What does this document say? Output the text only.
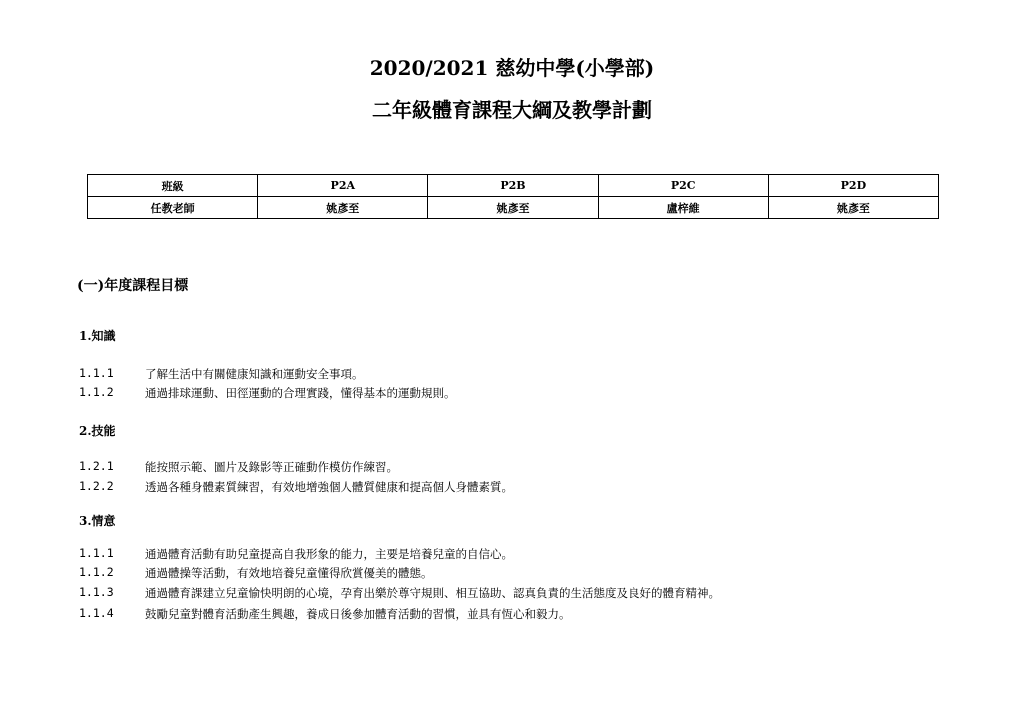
2020/2021 慈幼中學(小學部)
二年級體育課程大綱及教學計劃
班級	P2A	P2B	P2C	P2D
任教老師	姚彥至	姚彥至	盧梓維	姚彥至
(一)年度課程目標
1.知識
1.1.1	了解生活中有關健康知識和運動安全事項。
1.1.2	通過排球運動、田徑運動的合理實踐，懂得基本的運動規則。
2.技能
1.2.1	能按照示範、圖片及錄影等正確動作模仿作練習。
1.2.2	透過各種身體素質練習，有效地增強個人體質健康和提高個人身體素質。
3.情意
1.1.1	通過體育活動有助兒童提高自我形象的能力，主要是培養兒童的自信心。
1.1.2	通過體操等活動，有效地培養兒童懂得欣賞優美的體態。
1.1.3	通過體育課建立兒童愉快明朗的心境，孕育出樂於尊守規則、相互協助、認真負責的生活態度及良好的體育精神。
1.1.4	鼓勵兒童對體育活動產生興趣，養成日後參加體育活動的習慣，並具有恆心和毅力。
